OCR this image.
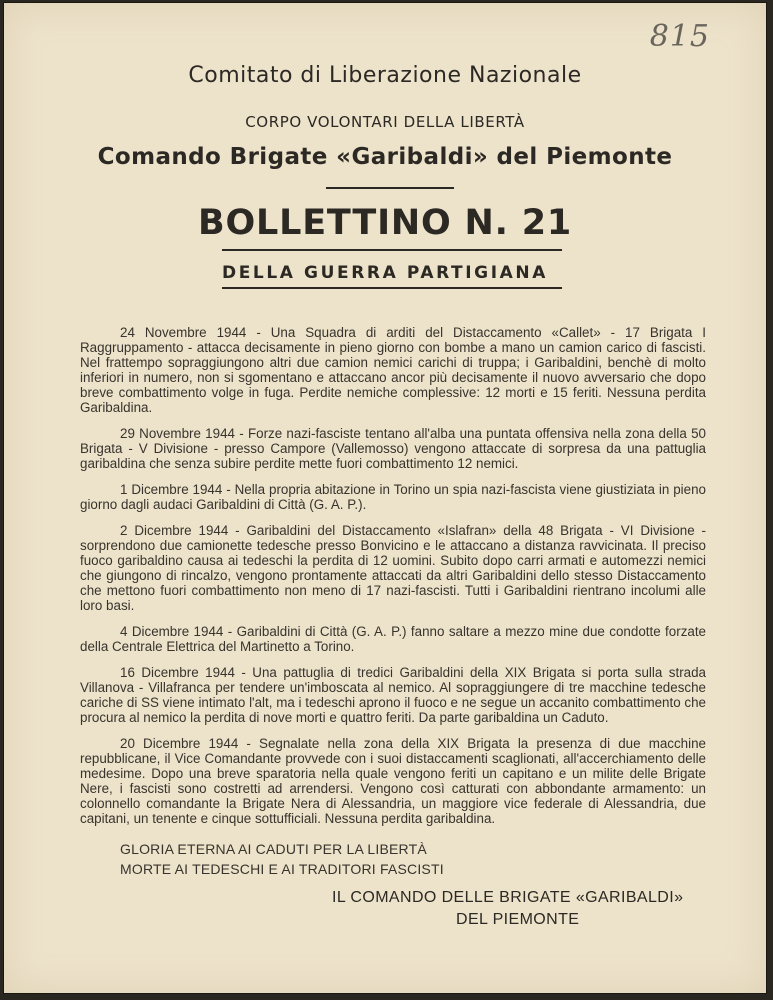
815
Comitato di Liberazione Nazionale
CORPO VOLONTARI DELLA LIBERTÀ
Comando Brigate «Garibaldi» del Piemonte
BOLLETTINO N. 21
DELLA GUERRA PARTIGIANA

24 Novembre 1944 - Una Squadra di arditi del Distaccamento «Callet» - 17 Brigata I Raggruppamento - attacca decisamente in pieno giorno con bombe a mano un camion carico di fascisti. Nel frattempo sopraggiungono altri due camion nemici carichi di truppa; i Garibaldini, benchè di molto inferiori in numero, non si sgomentano e attaccano ancor più decisamente il nuovo avversario che dopo breve combattimento volge in fuga. Perdite nemiche complessive: 12 morti e 15 feriti. Nessuna perdita Garibaldina.

29 Novembre 1944 - Forze nazi-fasciste tentano all'alba una puntata offensiva nella zona della 50 Brigata - V Divisione - presso Campore (Vallemosso) vengono attaccate di sorpresa da una pattuglia garibaldina che senza subire perdite mette fuori combattimento 12 nemici.

1 Dicembre 1944 - Nella propria abitazione in Torino un spia nazi-fascista viene giustiziata in pieno giorno dagli audaci Garibaldini di Città (G. A. P.).

2 Dicembre 1944 - Garibaldini del Distaccamento «Islafran» della 48 Brigata - VI Divisione - sorprendono due camionette tedesche presso Bonvicino e le attaccano a distanza ravvicinata. Il preciso fuoco garibaldino causa ai tedeschi la perdita di 12 uomini. Subito dopo carri armati e automezzi nemici che giungono di rincalzo, vengono prontamente attaccati da altri Garibaldini dello stesso Distaccamento che mettono fuori combattimento non meno di 17 nazi-fascisti. Tutti i Garibaldini rientrano incolumi alle loro basi.

4 Dicembre 1944 - Garibaldini di Città (G. A. P.) fanno saltare a mezzo mine due condotte forzate della Centrale Elettrica del Martinetto a Torino.

16 Dicembre 1944 - Una pattuglia di tredici Garibaldini della XIX Brigata si porta sulla strada Villanova - Villafranca per tendere un'imboscata al nemico. Al sopraggiungere di tre macchine tedesche cariche di SS viene intimato l'alt, ma i tedeschi aprono il fuoco e ne segue un accanito combattimento che procura al nemico la perdita di nove morti e quattro feriti. Da parte garibaldina un Caduto.

20 Dicembre 1944 - Segnalate nella zona della XIX Brigata la presenza di due macchine repubblicane, il Vice Comandante provvede con i suoi distaccamenti scaglionati, all'accerchiamento delle medesime. Dopo una breve sparatoria nella quale vengono feriti un capitano e un milite delle Brigate Nere, i fascisti sono costretti ad arrendersi. Vengono così catturati con abbondante armamento: un colonnello comandante la Brigate Nera di Alessandria, un maggiore vice federale di Alessandria, due capitani, un tenente e cinque sottufficiali. Nessuna perdita garibaldina.

GLORIA ETERNA AI CADUTI PER LA LIBERTÀ
MORTE AI TEDESCHI E AI TRADITORI FASCISTI
IL COMANDO DELLE BRIGATE «GARIBALDI»
DEL PIEMONTE
